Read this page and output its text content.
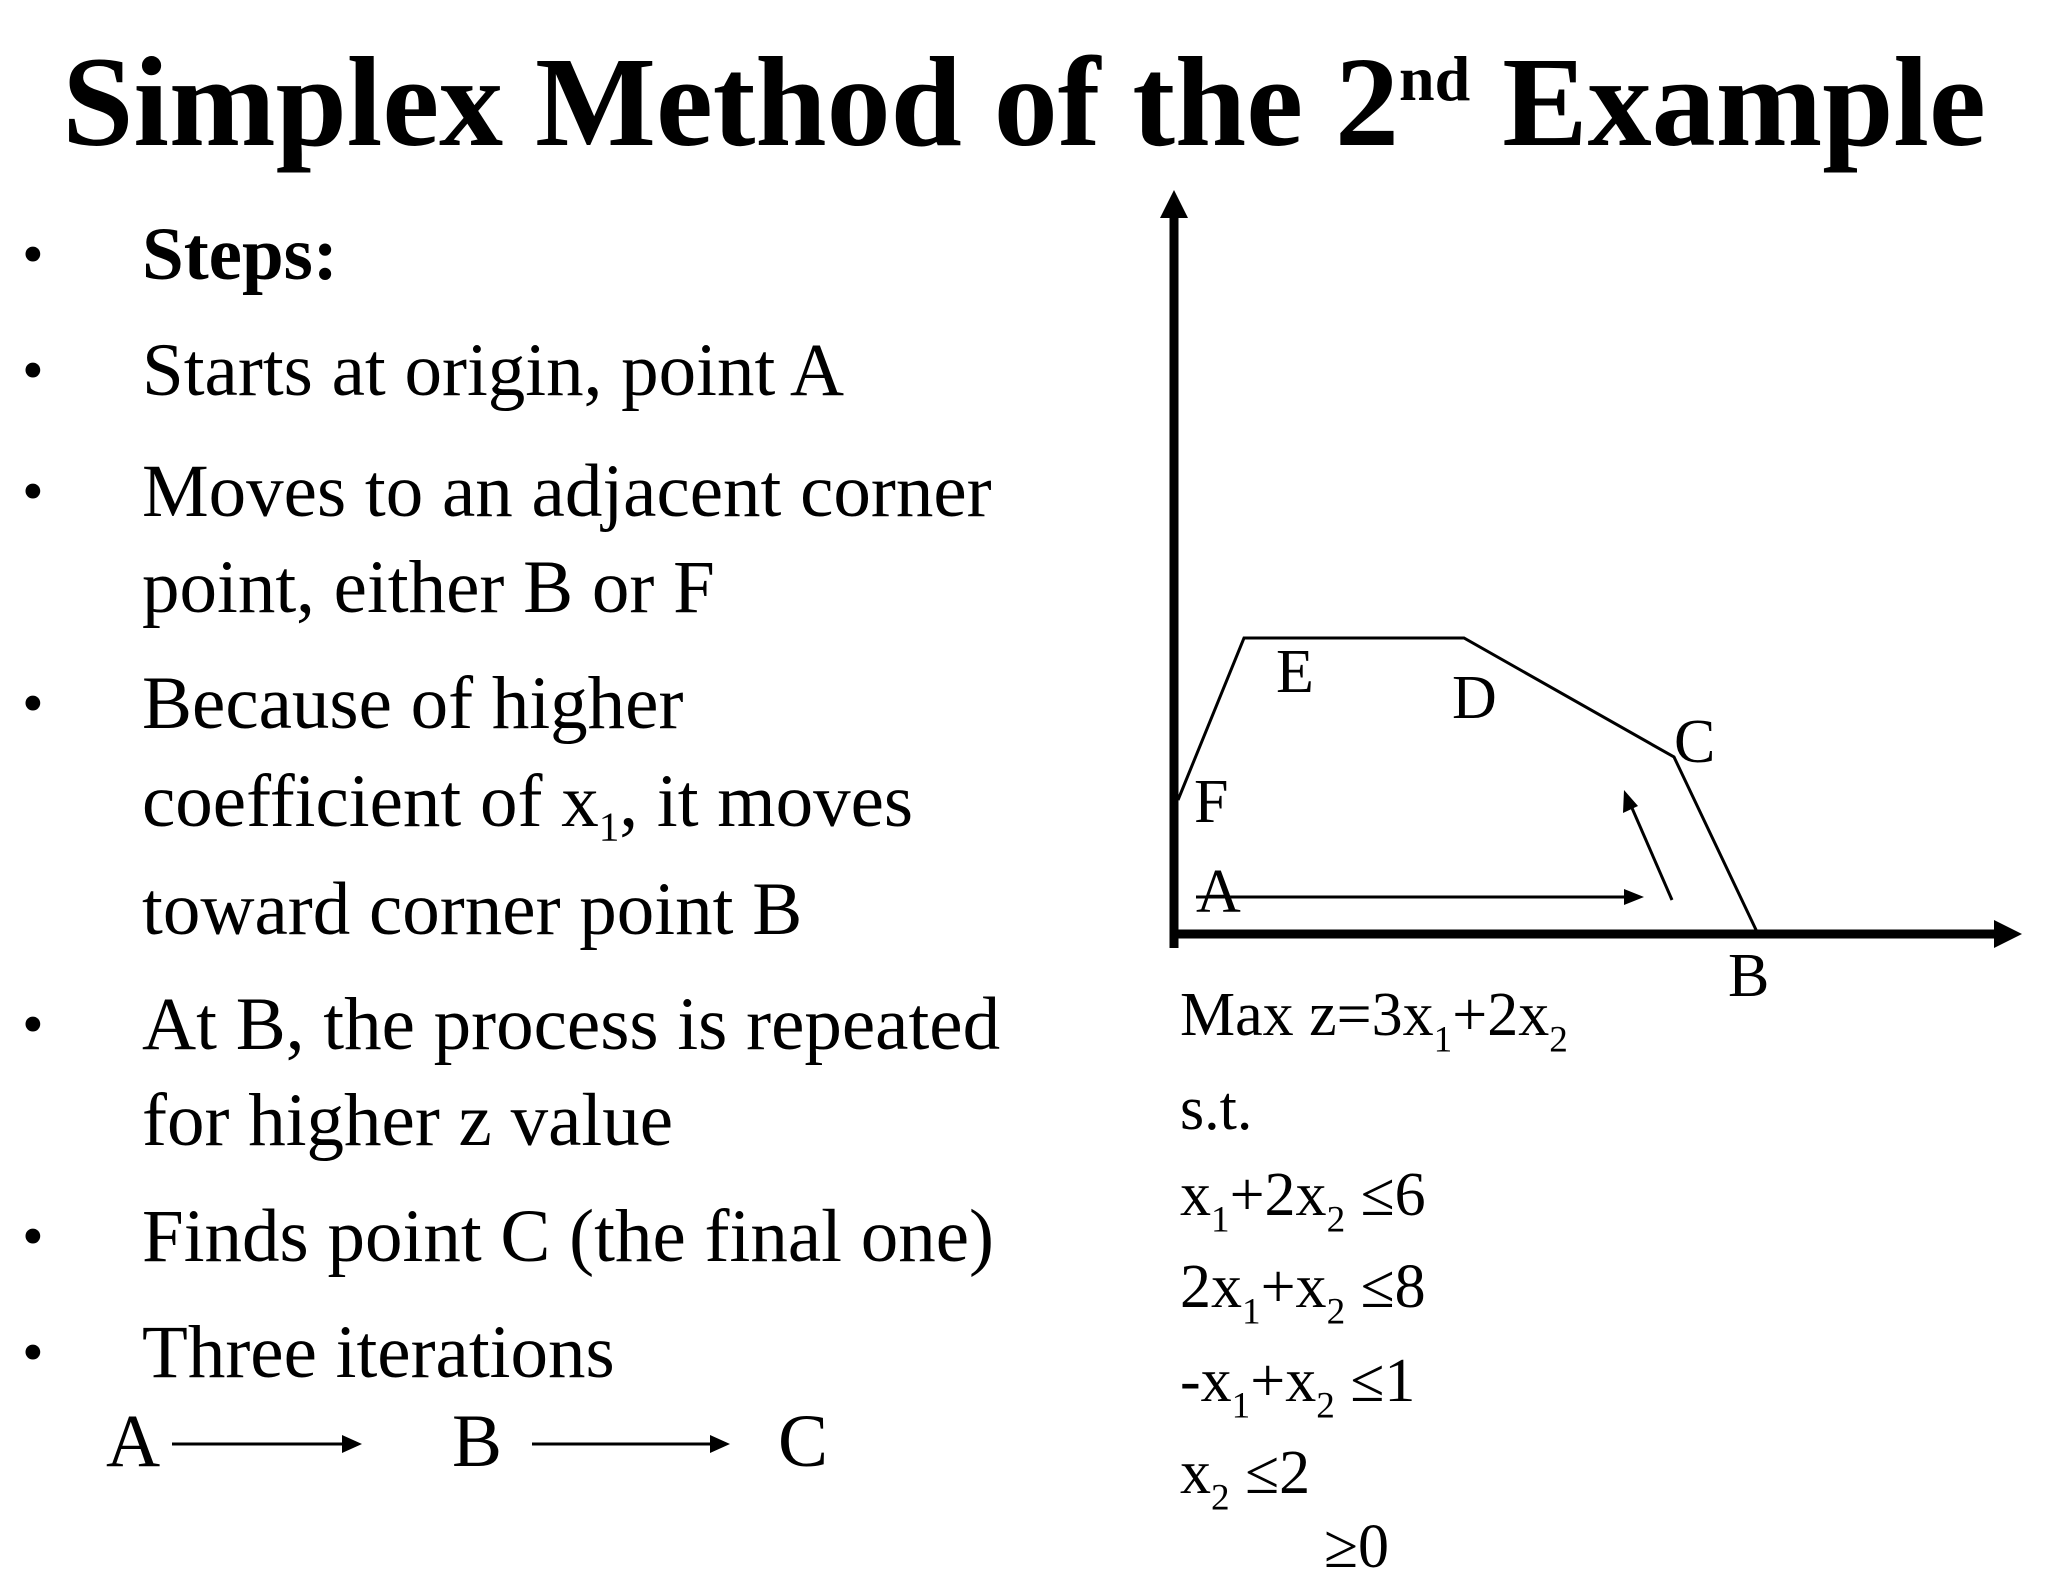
Simplex Method of the 2nd Example
• Steps:
• Starts at origin, point A
• Moves to an adjacent corner
point, either B or F
• Because of higher
coefficient of $x_1$, it moves
toward corner point B
• At B, the process is repeated
for higher z value
• Finds point C (the final one)
• Three iterations
A	B	C
A
B
C
D
E
F
Max $z=3x_1+2x_2$
s.t.
$x_1+2x_2 \le 6$
$2x_1+x_2 \le 8$
$-x_1+x_2 \le 1$
$x_2 \le 2$
≥0
